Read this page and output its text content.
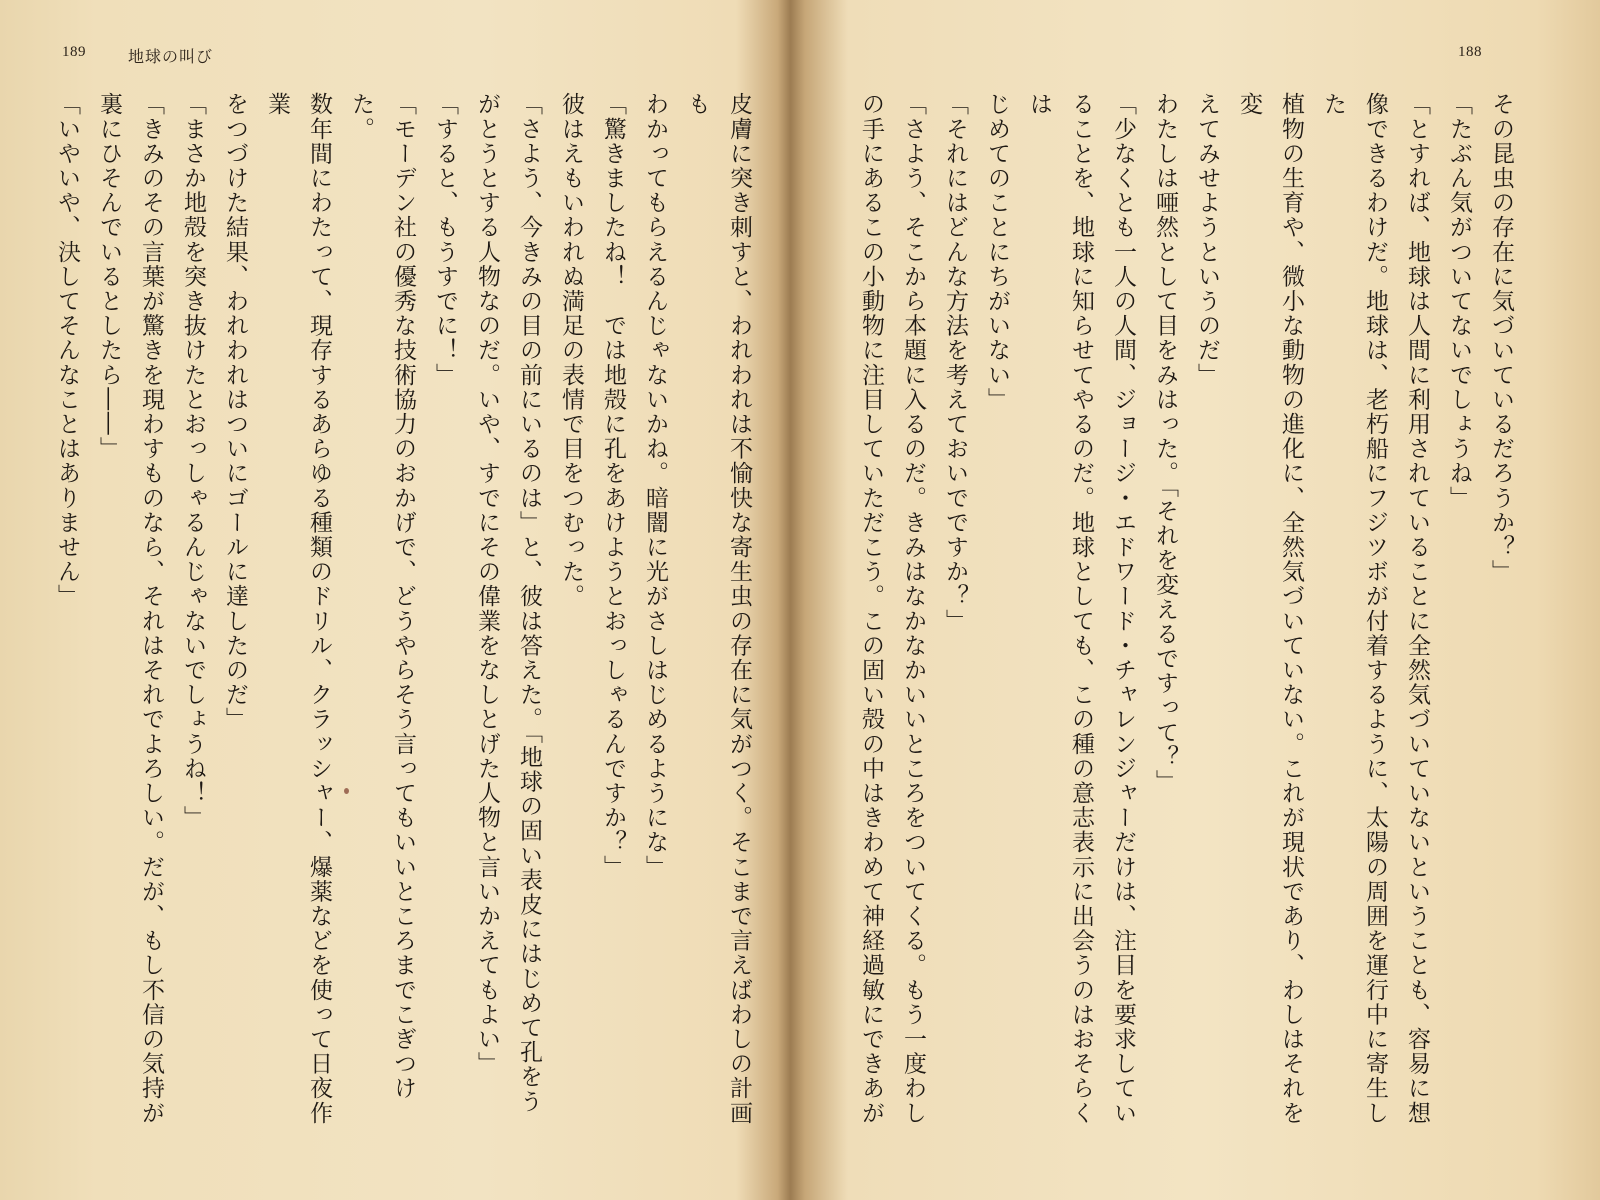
189	地球の叫び

皮膚に突き刺すと、われわれは不愉快な寄生虫の存在に気がつく。そこまで言えばわしの計画も

わかってもらえるんじゃないかね。暗闇に光がさしはじめるようにな」

「驚きましたね！　では地殻に孔をあけようとおっしゃるんですか？」

彼はえもいわれぬ満足の表情で目をつむった。

「さよう、今きみの目の前にいるのは」と、彼は答えた。「地球の固い表皮にはじめて孔をう

がとうとする人物なのだ。いや、すでにその偉業をなしとげた人物と言いかえてもよい」

「すると、もうすでに！」

「モーデン社の優秀な技術協力のおかげで、どうやらそう言ってもいいところまでこぎつけた。

数年間にわたって、現存するあらゆる種類のドリル、クラッシャー、爆薬などを使って日夜作業

をつづけた結果、われわれはついにゴールに達したのだ」

「まさか地殻を突き抜けたとおっしゃるんじゃないでしょうね！」

「きみのその言葉が驚きを現わすものなら、それはそれでよろしい。だが、もし不信の気持が

裏にひそんでいるとしたら――」

「いやいや、決してそんなことはありません」

188

その昆虫の存在に気づいているだろうか？」

「たぶん気がついてないでしょうね」

「とすれば、地球は人間に利用されていることに全然気づいていないということも、容易に想

像できるわけだ。地球は、老朽船にフジツボが付着するように、太陽の周囲を運行中に寄生した

植物の生育や、微小な動物の進化に、全然気づいていない。これが現状であり、わしはそれを変

えてみせようというのだ」

わたしは唖然として目をみはった。「それを変えるですって？」

「少なくとも一人の人間、ジョージ・エドワード・チャレンジャーだけは、注目を要求してい

ることを、地球に知らせてやるのだ。地球としても、この種の意志表示に出会うのはおそらくは

じめてのことにちがいない」

「それにはどんな方法を考えておいでですか？」

「さよう、そこから本題に入るのだ。きみはなかなかいいところをついてくる。もう一度わし

の手にあるこの小動物に注目していただこう。この固い殻の中はきわめて神経過敏にできあが
